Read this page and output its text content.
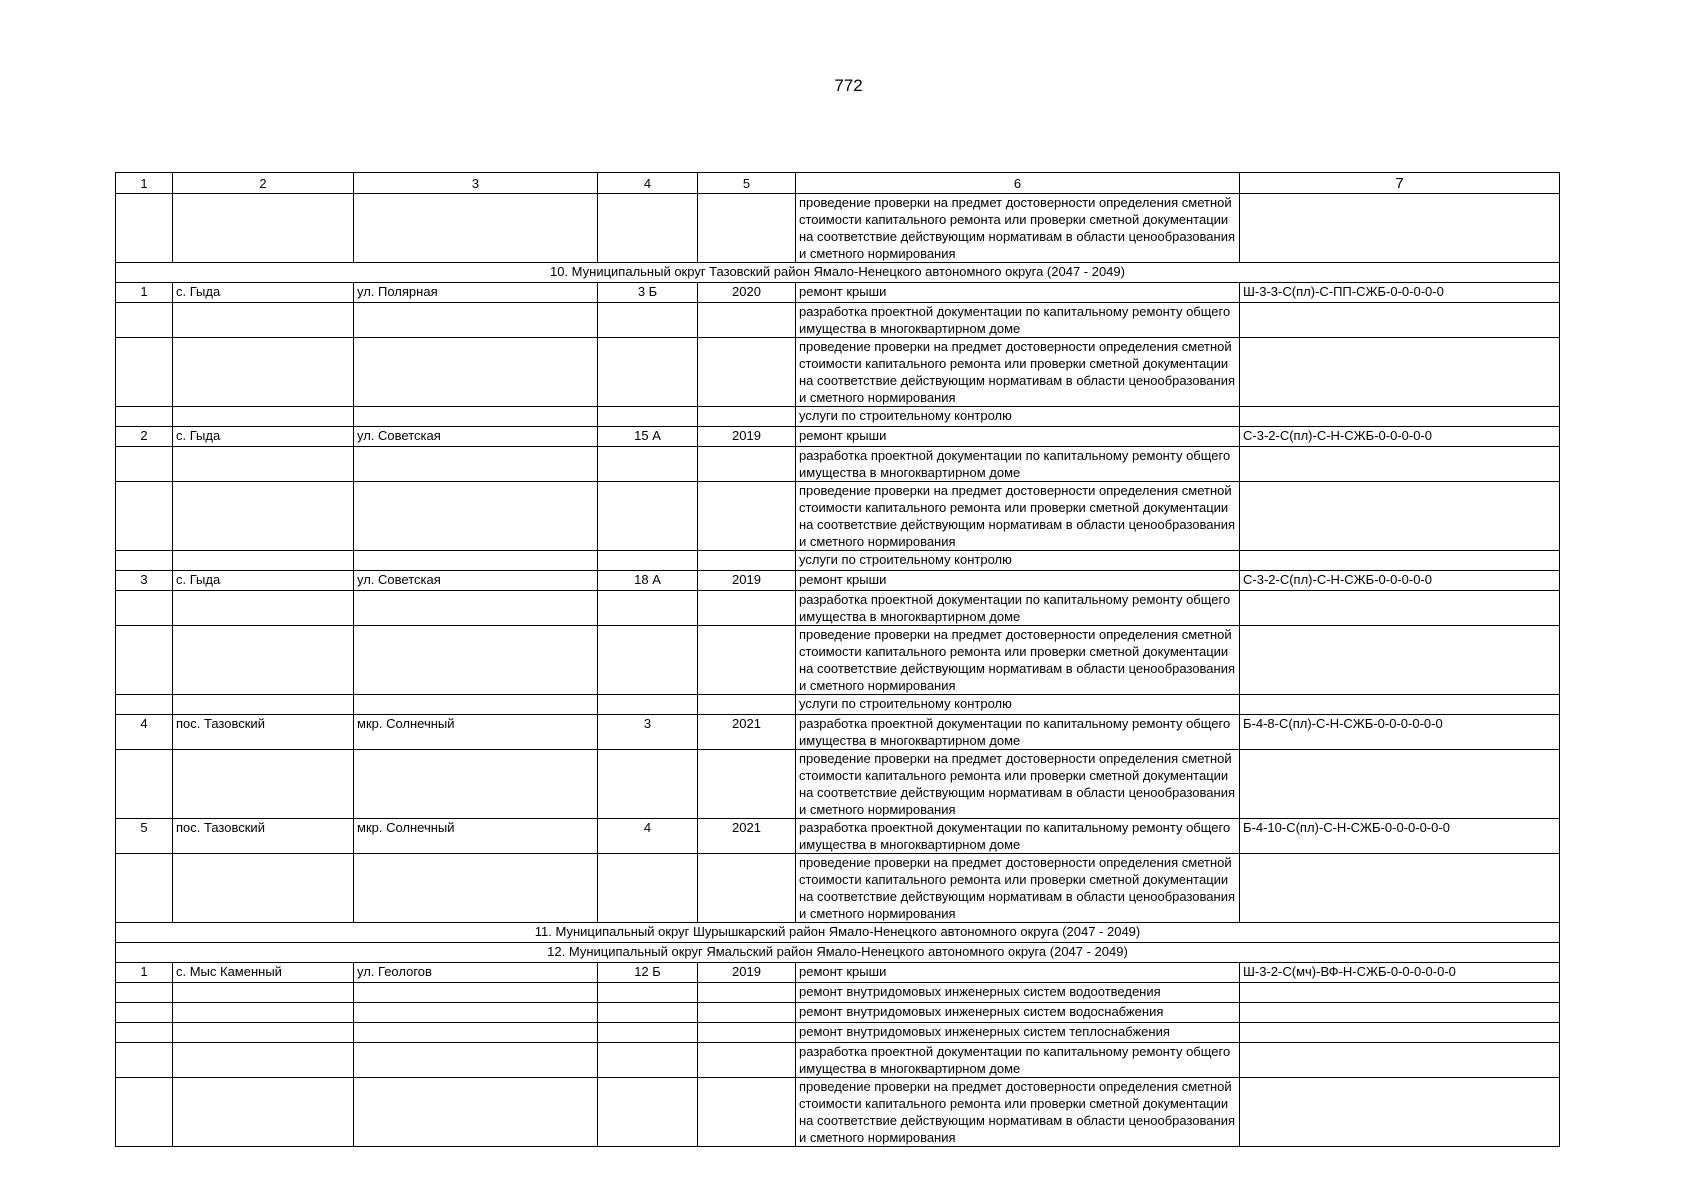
772
1	2	3	4	5	6	7
					проведение проверки на предмет достоверности определения сметной стоимости капитального ремонта или проверки сметной документации на соответствие действующим нормативам в области ценообразования и сметного нормирования	
10. Муниципальный округ Тазовский район Ямало-Ненецкого автономного округа (2047 - 2049)						
1	с. Гыда	ул. Полярная	3 Б	2020	ремонт крыши	Ш-3-3-С(пл)-С-ПП-СЖБ-0-0-0-0-0
					разработка проектной документации по капитальному ремонту общего имущества в многоквартирном доме	
					проведение проверки на предмет достоверности определения сметной стоимости капитального ремонта или проверки сметной документации на соответствие действующим нормативам в области ценообразования и сметного нормирования	
					услуги по строительному контролю	
2	с. Гыда	ул. Советская	15 А	2019	ремонт крыши	С-3-2-С(пл)-С-Н-СЖБ-0-0-0-0-0
					разработка проектной документации по капитальному ремонту общего имущества в многоквартирном доме	
					проведение проверки на предмет достоверности определения сметной стоимости капитального ремонта или проверки сметной документации на соответствие действующим нормативам в области ценообразования и сметного нормирования	
					услуги по строительному контролю	
3	с. Гыда	ул. Советская	18 А	2019	ремонт крыши	С-3-2-С(пл)-С-Н-СЖБ-0-0-0-0-0
					разработка проектной документации по капитальному ремонту общего имущества в многоквартирном доме	
					проведение проверки на предмет достоверности определения сметной стоимости капитального ремонта или проверки сметной документации на соответствие действующим нормативам в области ценообразования и сметного нормирования	
					услуги по строительному контролю	
4	пос. Тазовский	мкр. Солнечный	3	2021	разработка проектной документации по капитальному ремонту общего имущества в многоквартирном доме	Б-4-8-С(пл)-С-Н-СЖБ-0-0-0-0-0-0
					проведение проверки на предмет достоверности определения сметной стоимости капитального ремонта или проверки сметной документации на соответствие действующим нормативам в области ценообразования и сметного нормирования	
5	пос. Тазовский	мкр. Солнечный	4	2021	разработка проектной документации по капитальному ремонту общего имущества в многоквартирном доме	Б-4-10-С(пл)-С-Н-СЖБ-0-0-0-0-0-0
					проведение проверки на предмет достоверности определения сметной стоимости капитального ремонта или проверки сметной документации на соответствие действующим нормативам в области ценообразования и сметного нормирования	
11. Муниципальный округ Шурышкарский район Ямало-Ненецкого автономного округа (2047 - 2049)						
12. Муниципальный округ Ямальский район Ямало-Ненецкого автономного округа (2047 - 2049)						
1	с. Мыс Каменный	ул. Геологов	12 Б	2019	ремонт крыши	Ш-3-2-С(мч)-ВФ-Н-СЖБ-0-0-0-0-0-0
					ремонт внутридомовых инженерных систем водоотведения	
					ремонт внутридомовых инженерных систем водоснабжения	
					ремонт внутридомовых инженерных систем теплоснабжения	
					разработка проектной документации по капитальному ремонту общего имущества в многоквартирном доме	
					проведение проверки на предмет достоверности определения сметной стоимости капитального ремонта или проверки сметной документации на соответствие действующим нормативам в области ценообразования и сметного нормирования	
